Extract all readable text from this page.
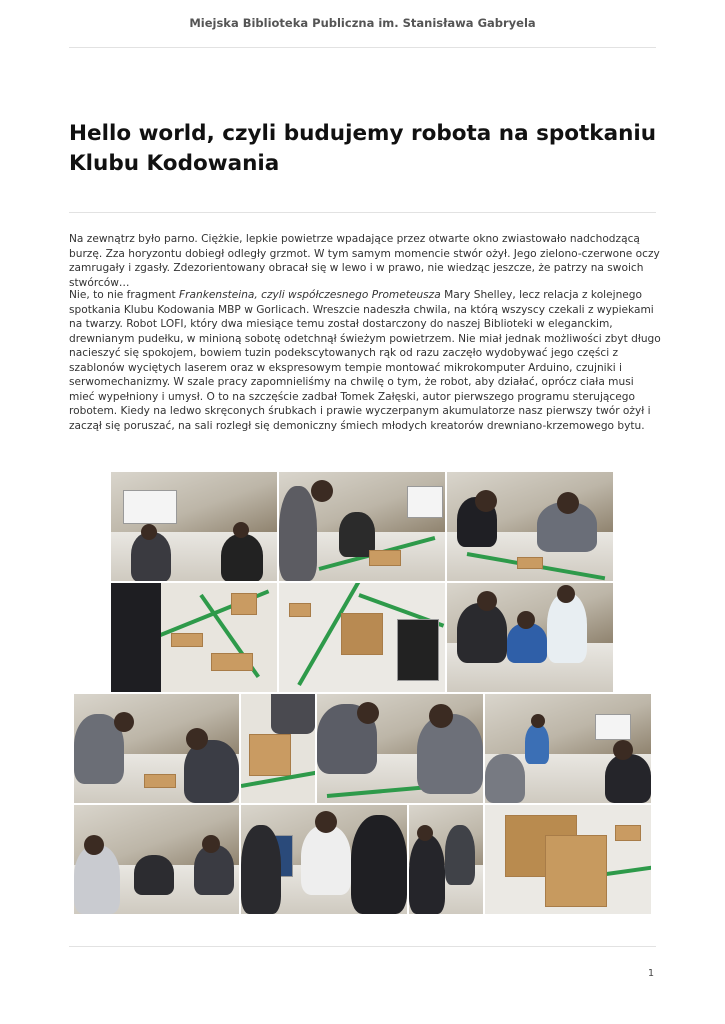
Miejska Biblioteka Publiczna im. Stanisława Gabryela
Hello world, czyli budujemy robota na spotkaniu Klubu Kodowania

Na zewnątrz było parno. Ciężkie, lepkie powietrze wpadające przez otwarte okno zwiastowało nadchodzącą burzę. Zza horyzontu dobiegł odległy grzmot. W tym samym momencie stwór ożył. Jego zielono-czerwone oczy zamrugały i zgasły. Zdezorientowany obracał się w lewo i w prawo, nie wiedząc jeszcze, że patrzy na swoich stwórców…

Nie, to nie fragment Frankensteina, czyli współczesnego Prometeusza Mary Shelley, lecz relacja z kolejnego spotkania Klubu Kodowania MBP w Gorlicach. Wreszcie nadeszła chwila, na którą wszyscy czekali z wypiekami na twarzy. Robot LOFI, który dwa miesiące temu został dostarczony do naszej Biblioteki w eleganckim, drewnianym pudełku, w minioną sobotę odetchnął świeżym powietrzem. Nie miał jednak możliwości zbyt długo nacieszyć się spokojem, bowiem tuzin podekscytowanych rąk od razu zaczęło wydobywać jego części z szablonów wyciętych laserem oraz w ekspresowym tempie montować mikrokomputer Arduino, czujniki i serwomechanizmy. W szale pracy zapomnieliśmy na chwilę o tym, że robot, aby działać, oprócz ciała musi mieć wypełniony i umysł. O to na szczęście zadbał Tomek Załęski, autor pierwszego programu sterującego robotem. Kiedy na ledwo skręconych śrubkach i prawie wyczerpanym akumulatorze nasz pierwszy twór ożył i zaczął się poruszać, na sali rozległ się demoniczny śmiech młodych kreatorów drewniano-krzemowego bytu.

1
